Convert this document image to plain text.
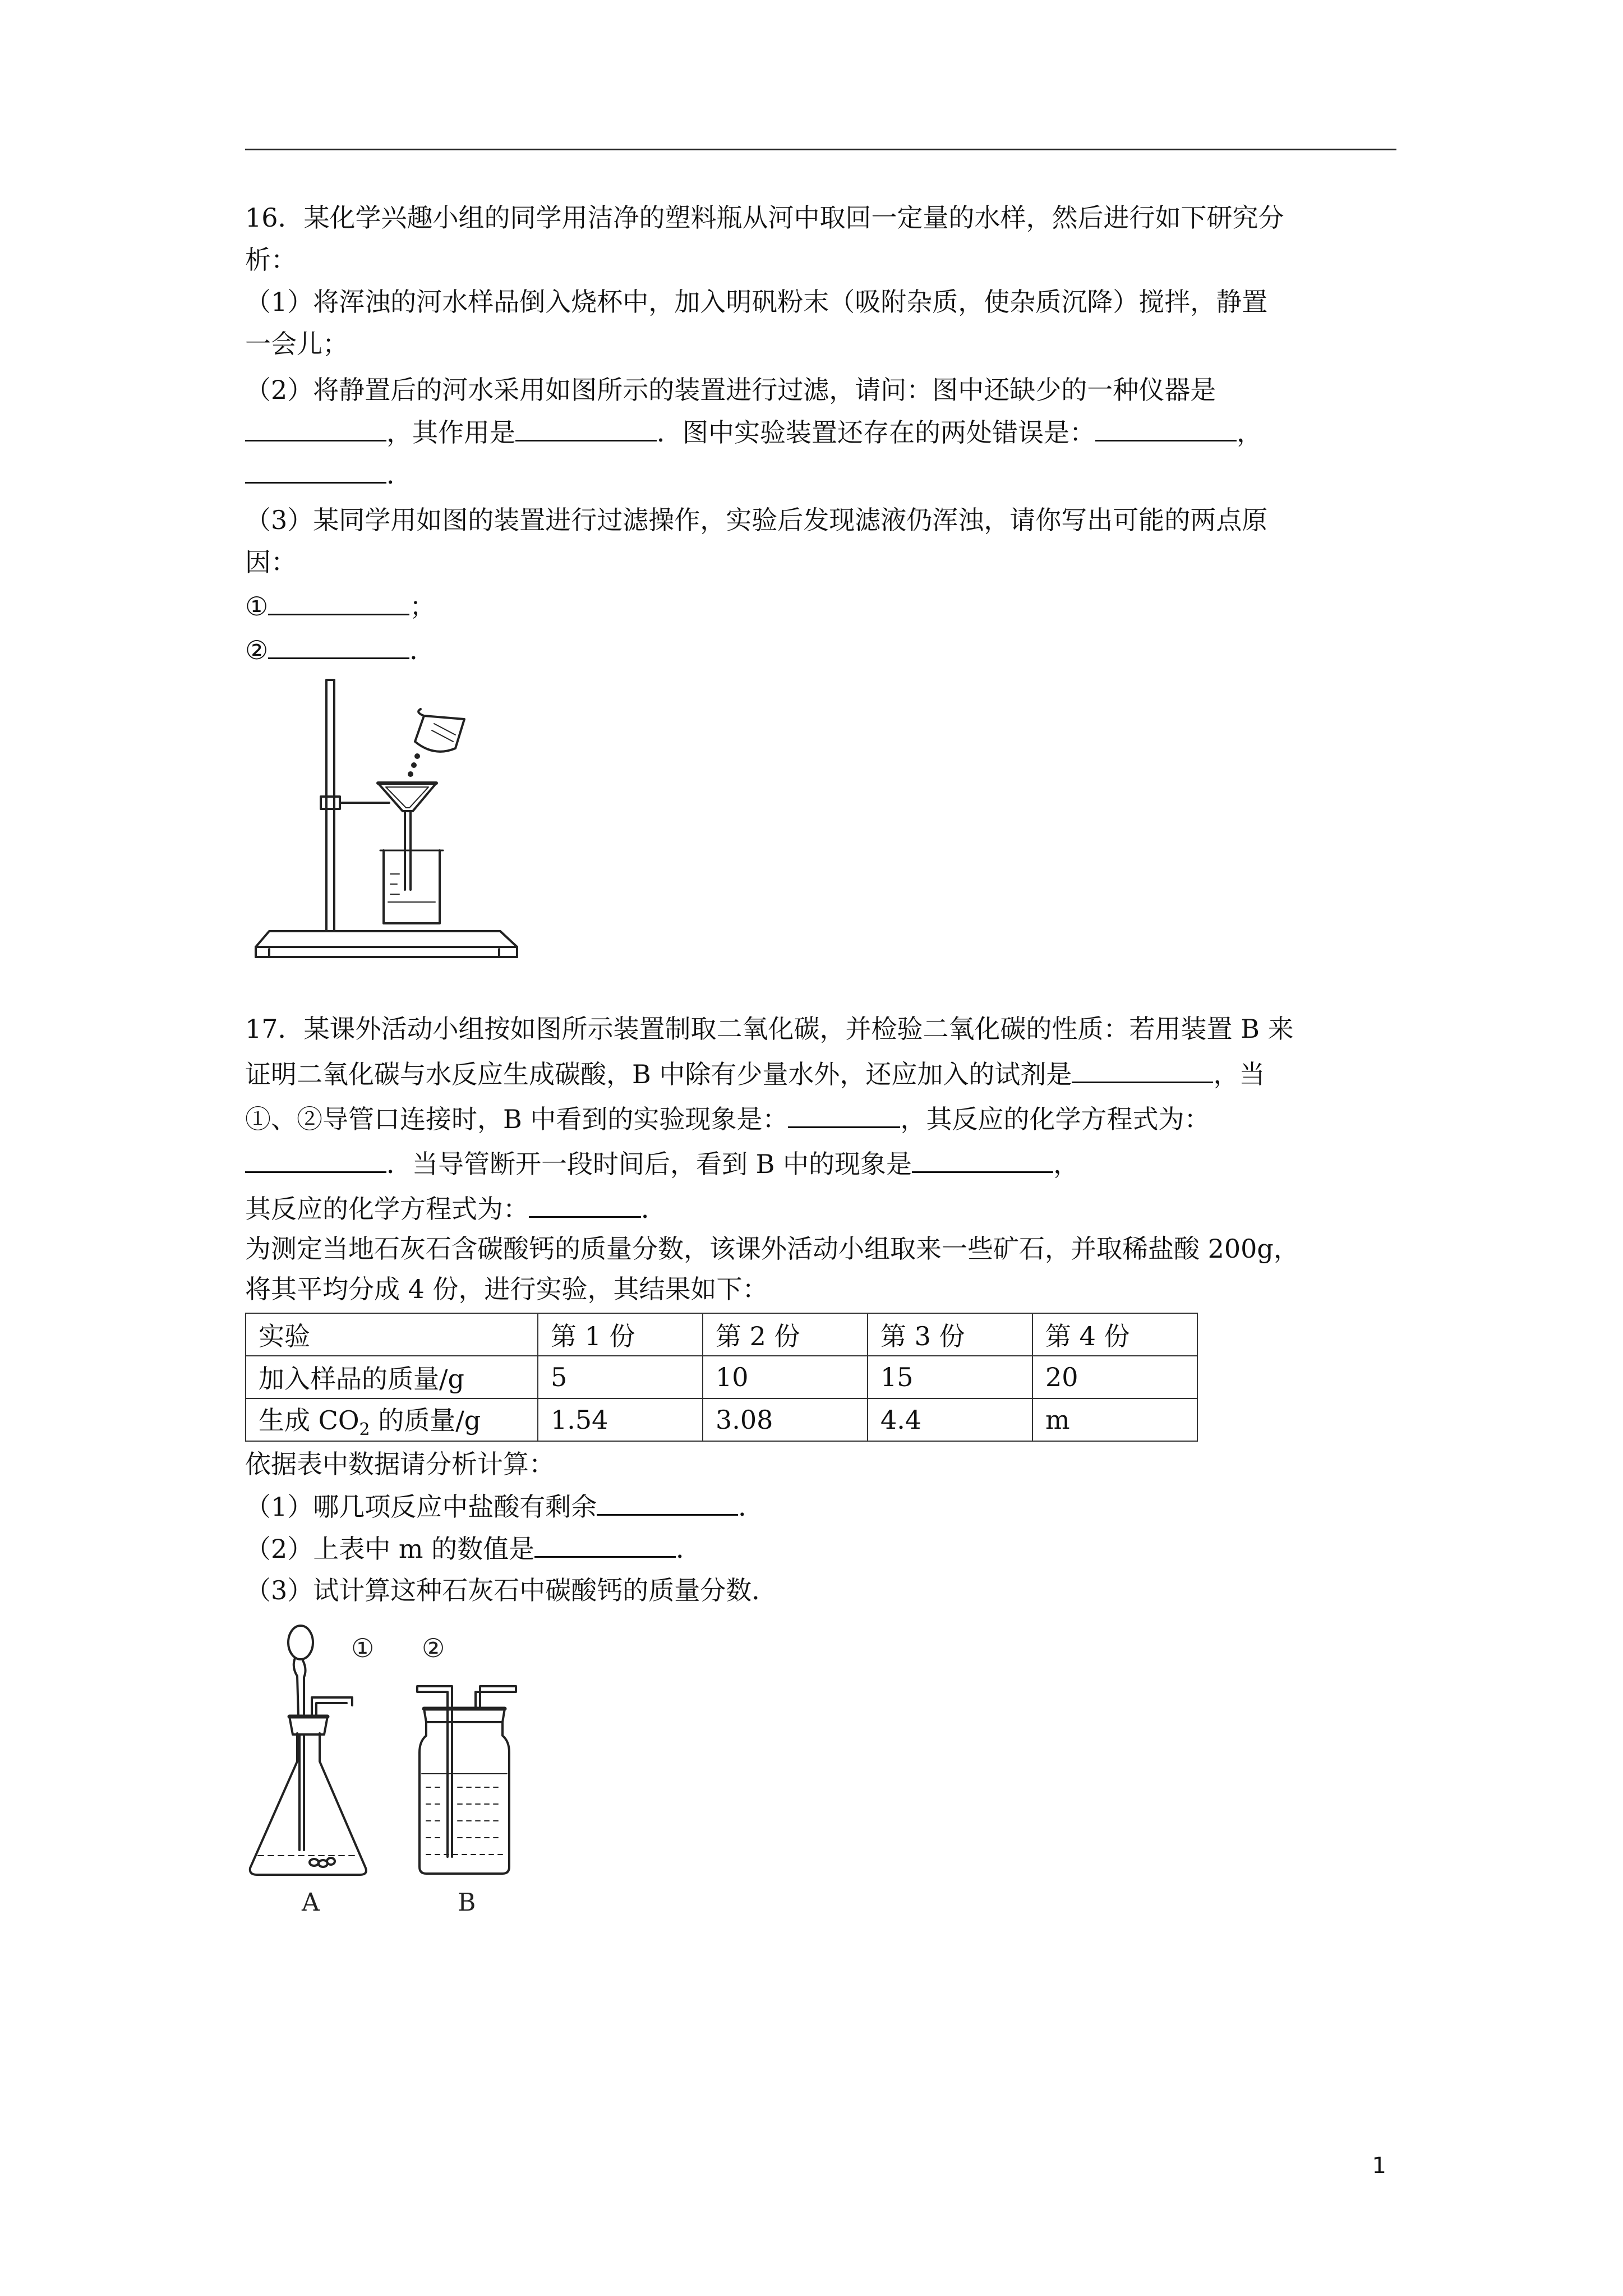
16．某化学兴趣小组的同学用洁净的塑料瓶从河中取回一定量的水样，然后进行如下研究分
析：
（1）将浑浊的河水样品倒入烧杯中，加入明矾粉末（吸附杂质，使杂质沉降）搅拌，静置
一会儿；
（2）将静置后的河水采用如图所示的装置进行过滤，请问：图中还缺少的一种仪器是
，其作用是	．图中实验装置还存在的两处错误是：	，
．
（3）某同学用如图的装置进行过滤操作，实验后发现滤液仍浑浊，请你写出可能的两点原
因：
①	；
②	．
17．某课外活动小组按如图所示装置制取二氧化碳，并检验二氧化碳的性质：若用装置 B 来
证明二氧化碳与水反应生成碳酸，B 中除有少量水外，还应加入的试剂是	，当
①、②导管口连接时，B 中看到的实验现象是：	，其反应的化学方程式为：
．当导管断开一段时间后，看到 B 中的现象是	，
其反应的化学方程式为：	．
为测定当地石灰石含碳酸钙的质量分数，该课外活动小组取来一些矿石，并取稀盐酸 200g，
将其平均分成 4 份，进行实验，其结果如下：
实验	第 1 份	第 2 份	第 3 份	第 4 份
加入样品的质量/g	5	10	15	20
生成 $CO_2$ 的质量/g	1.54	3.08	4.4	m
依据表中数据请分析计算：
（1）哪几项反应中盐酸有剩余	．
（2）上表中 m 的数值是	．
（3）试计算这种石灰石中碳酸钙的质量分数．
① ②
A	B
1
